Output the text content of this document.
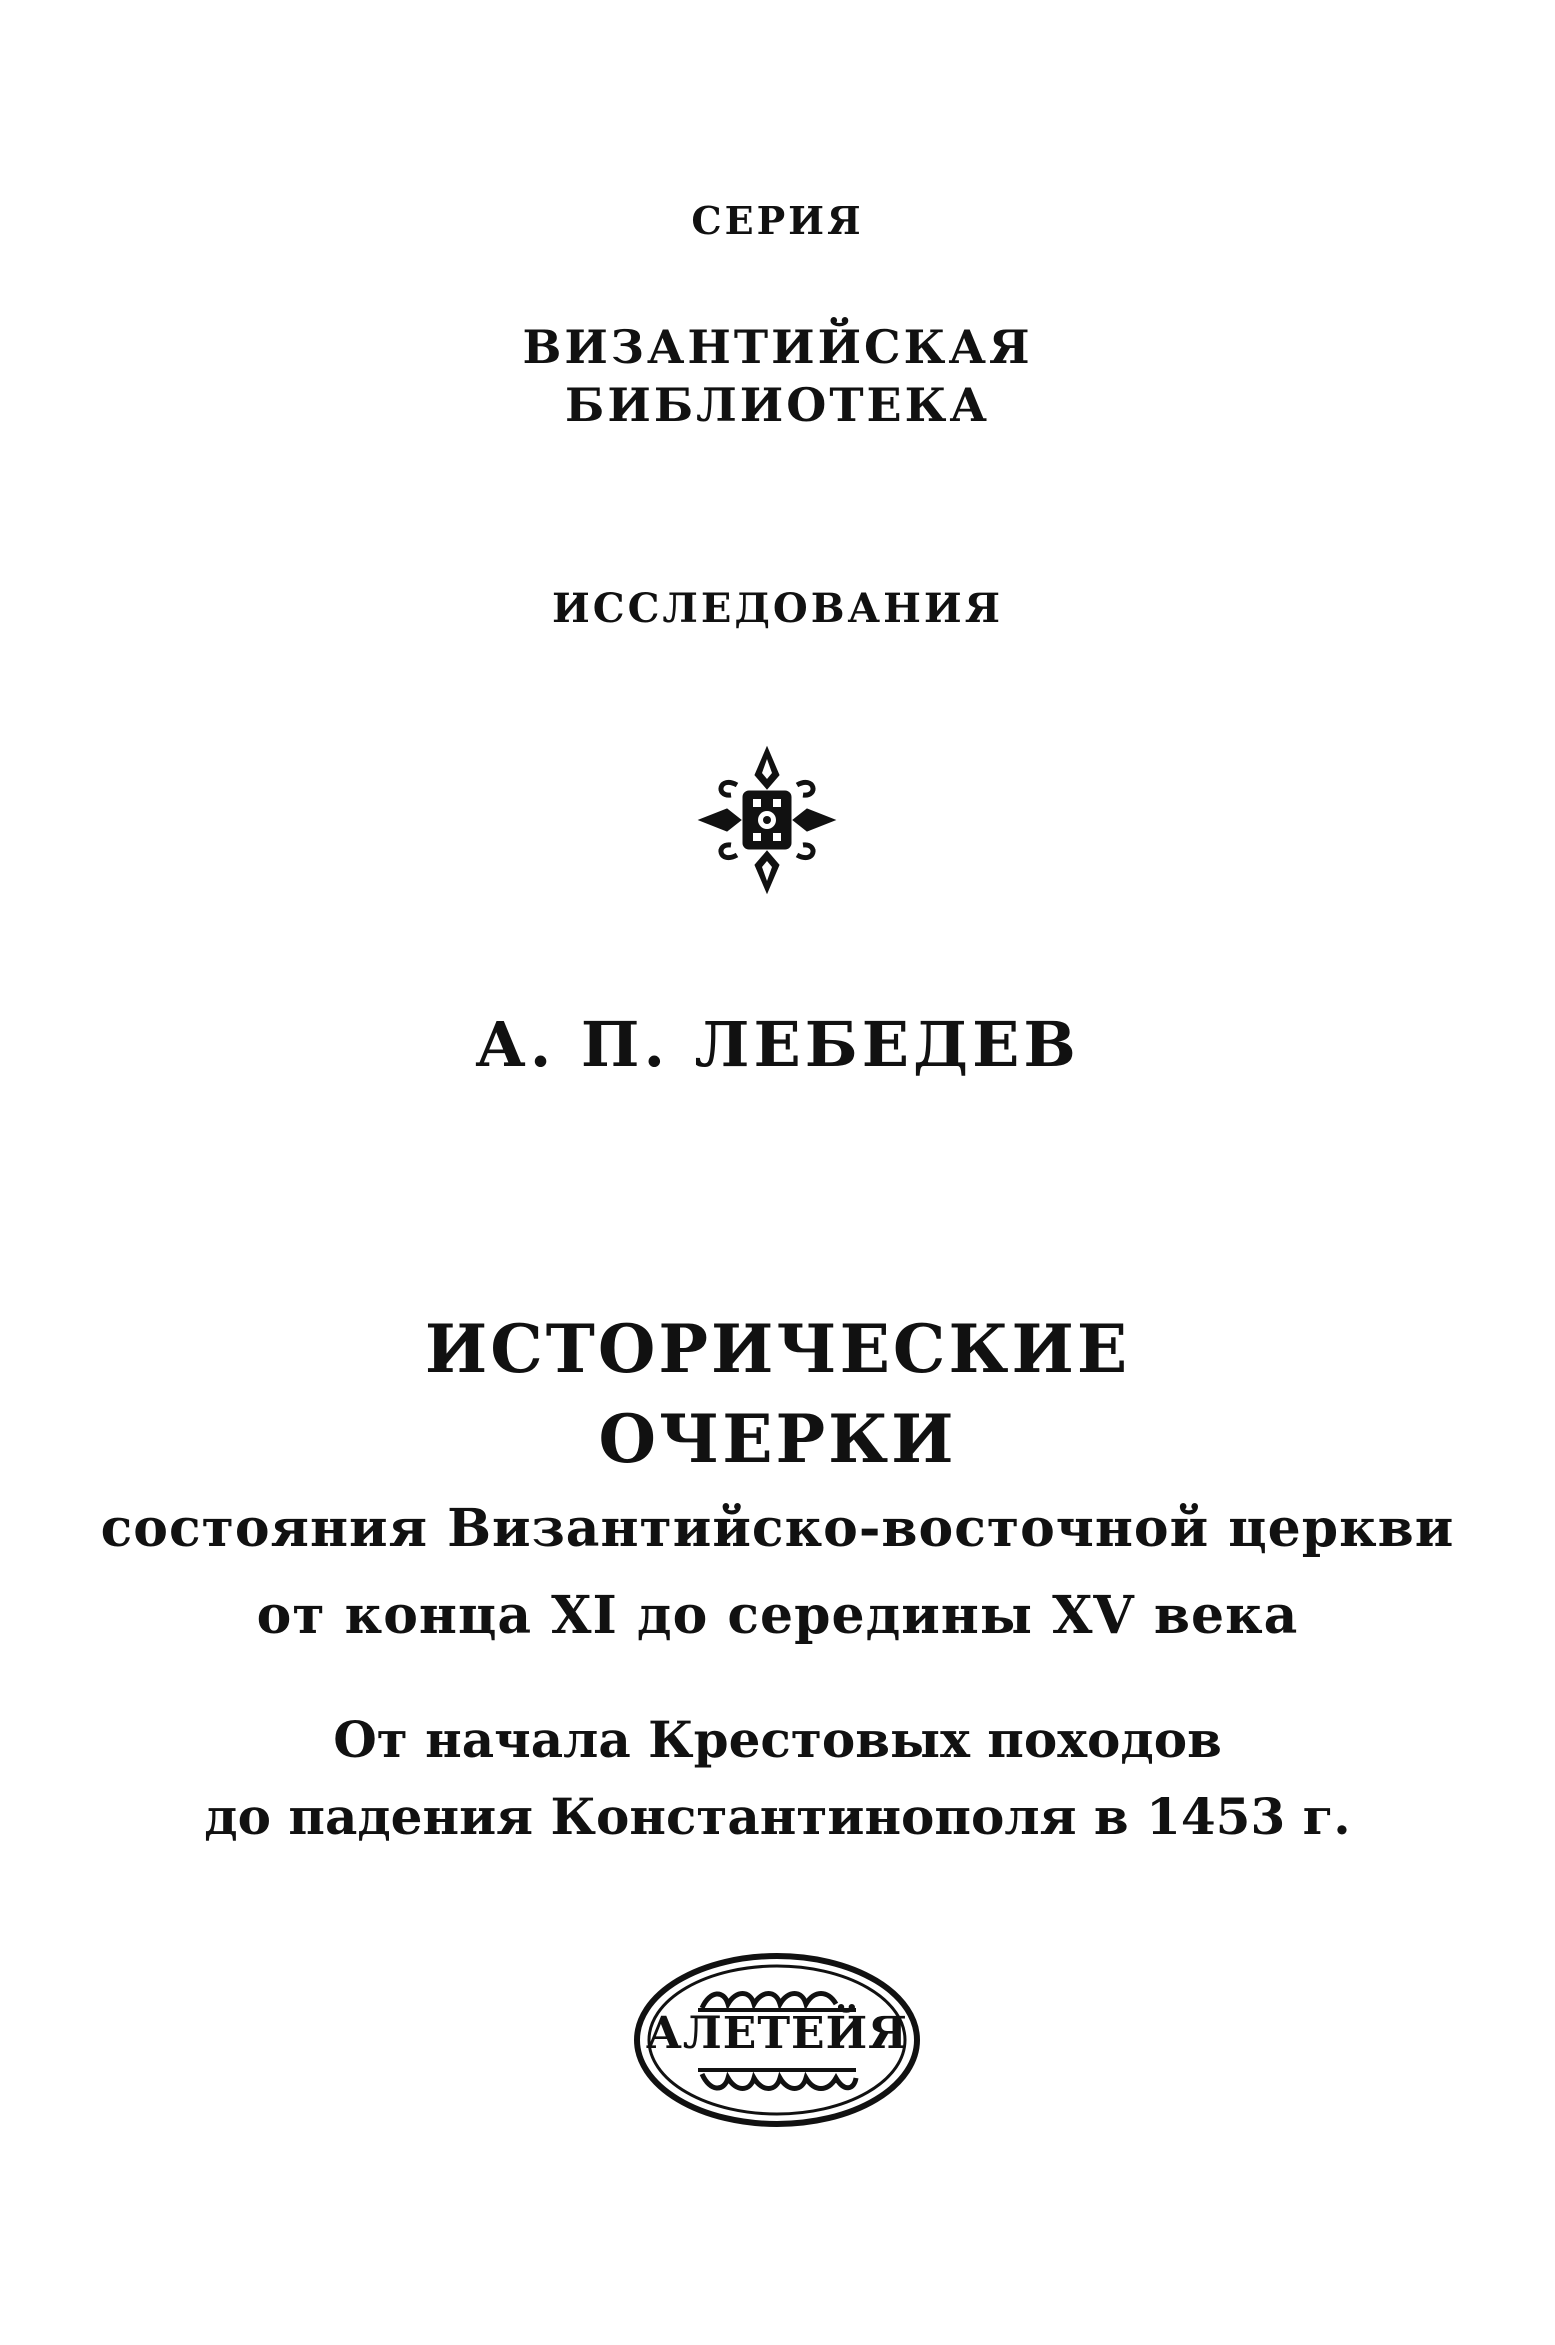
СЕРИЯ
ВИЗАНТИЙСКАЯ
БИБЛИОТЕКА
ИССЛЕДОВАНИЯ
А. П. ЛЕБЕДЕВ
ИСТОРИЧЕСКИЕ
ОЧЕРКИ
состояния Византийско-восточной церкви
от конца XI до середины XV века
От начала Крестовых походов
до падения Константинополя в 1453 г.
АЛЕТЕЙЯ
